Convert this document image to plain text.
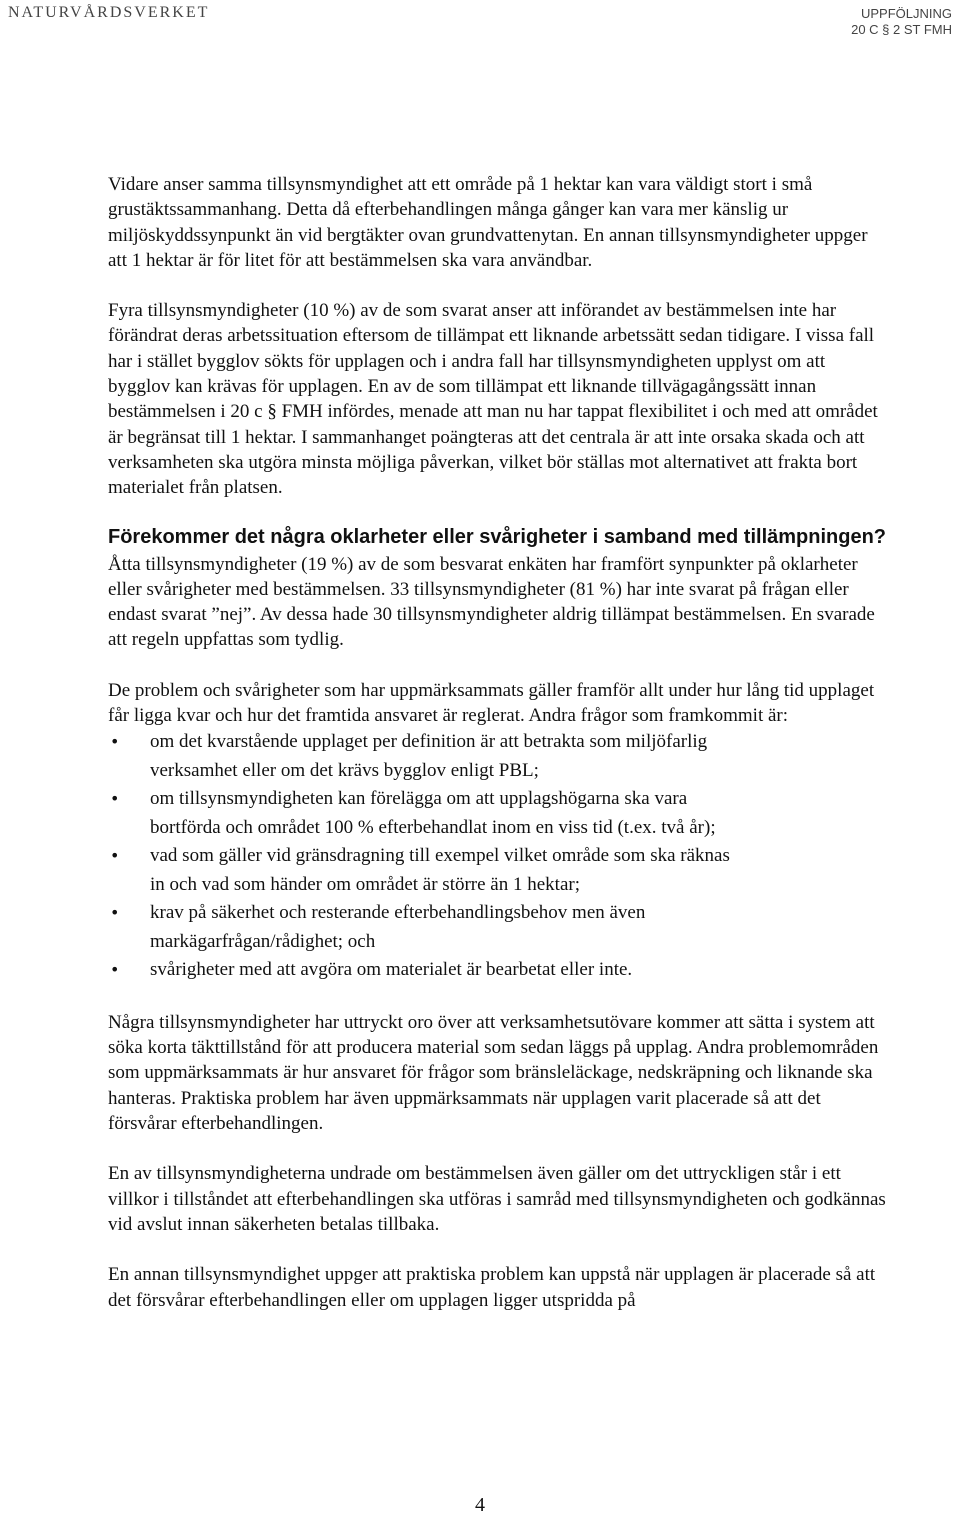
NATURVÅRDSVERKET	UPPFÖLJNING
20 C § 2 ST FMH

Vidare anser samma tillsynsmyndighet att ett område på 1 hektar kan vara väldigt stort i små grustäktssammanhang. Detta då efterbehandlingen många gånger kan vara mer känslig ur miljöskyddssynpunkt än vid bergtäkter ovan grundvattenytan. En annan tillsynsmyndigheter uppger att 1 hektar är för litet för att bestämmelsen ska vara användbar.

Fyra tillsynsmyndigheter (10 %) av de som svarat anser att införandet av bestämmelsen inte har förändrat deras arbetssituation eftersom de tillämpat ett liknande arbetssätt sedan tidigare. I vissa fall har i stället bygglov sökts för upplagen och i andra fall har tillsynsmyndigheten upplyst om att bygglov kan krävas för upplagen. En av de som tillämpat ett liknande tillvägagångssätt innan bestämmelsen i 20 c § FMH infördes, menade att man nu har tappat flexibilitet i och med att området är begränsat till 1 hektar. I sammanhanget poängteras att det centrala är att inte orsaka skada och att verksamheten ska utgöra minsta möjliga påverkan, vilket bör ställas mot alternativet att frakta bort materialet från platsen.

Förekommer det några oklarheter eller svårigheter i samband med tillämpningen?

Åtta tillsynsmyndigheter (19 %) av de som besvarat enkäten har framfört synpunkter på oklarheter eller svårigheter med bestämmelsen. 33 tillsynsmyndigheter (81 %) har inte svarat på frågan eller endast svarat ”nej”. Av dessa hade 30 tillsynsmyndigheter aldrig tillämpat bestämmelsen. En svarade att regeln uppfattas som tydlig.

De problem och svårigheter som har uppmärksammats gäller framför allt under hur lång tid upplaget får ligga kvar och hur det framtida ansvaret är reglerat. Andra frågor som framkommit är:

• om det kvarstående upplaget per definition är att betrakta som miljöfarlig
verksamhet eller om det krävs bygglov enligt PBL;
• om tillsynsmyndigheten kan förelägga om att upplagshögarna ska vara
bortförda och området 100 % efterbehandlat inom en viss tid (t.ex. två år);
• vad som gäller vid gränsdragning till exempel vilket område som ska räknas
in och vad som händer om området är större än 1 hektar;
• krav på säkerhet och resterande efterbehandlingsbehov men även
markägarfrågan/rådighet; och
• svårigheter med att avgöra om materialet är bearbetat eller inte.

Några tillsynsmyndigheter har uttryckt oro över att verksamhetsutövare kommer att sätta i system att söka korta täkttillstånd för att producera material som sedan läggs på upplag. Andra problemområden som uppmärksammats är hur ansvaret för frågor som bränsleläckage, nedskräpning och liknande ska hanteras. Praktiska problem har även uppmärksammats när upplagen varit placerade så att det försvårar efterbehandlingen.

En av tillsynsmyndigheterna undrade om bestämmelsen även gäller om det uttryckligen står i ett villkor i tillståndet att efterbehandlingen ska utföras i samråd med tillsynsmyndigheten och godkännas vid avslut innan säkerheten betalas tillbaka.

En annan tillsynsmyndighet uppger att praktiska problem kan uppstå när upplagen är placerade så att det försvårar efterbehandlingen eller om upplagen ligger utspridda på

4
